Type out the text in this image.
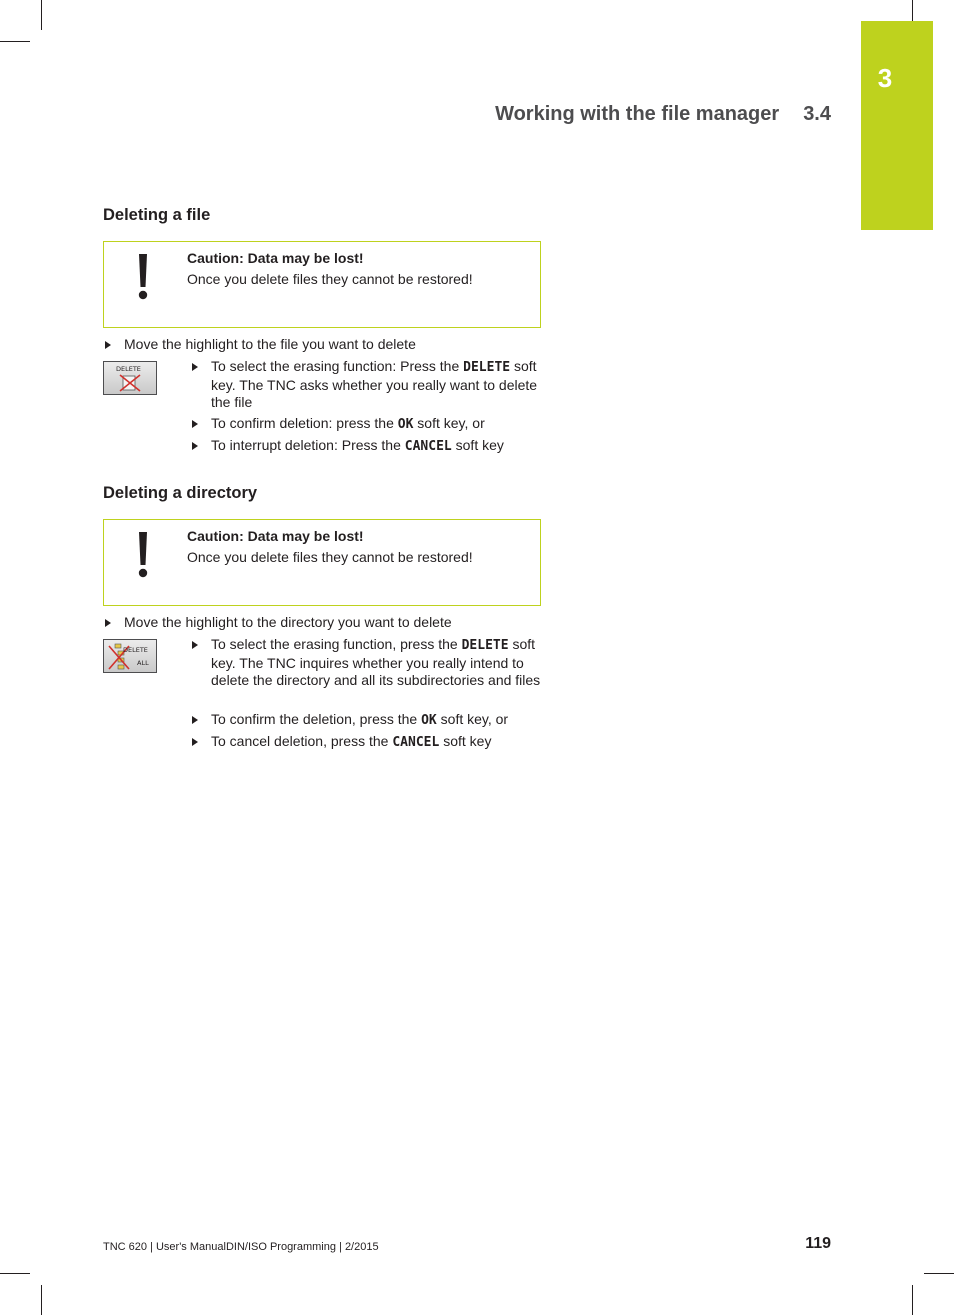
3
Working with the file manager 3.4
Deleting a file
Caution: Data may be lost!
Once you delete files they cannot be restored!
Move the highlight to the file you want to delete
DELETE	To select the erasing function: Press the DELETE soft key. The TNC asks whether you really want to delete the file
To confirm deletion: press the OK soft key, or
To interrupt deletion: Press the CANCEL soft key
Deleting a directory
Caution: Data may be lost!
Once you delete files they cannot be restored!
Move the highlight to the directory you want to delete
DELETE
ALL
To select the erasing function, press the DELETE soft key. The TNC inquires whether you really intend to delete the directory and all its subdirectories and files
To confirm the deletion, press the OK soft key, or
To cancel deletion, press the CANCEL soft key
TNC 620 | User's ManualDIN/ISO Programming | 2/2015	119
